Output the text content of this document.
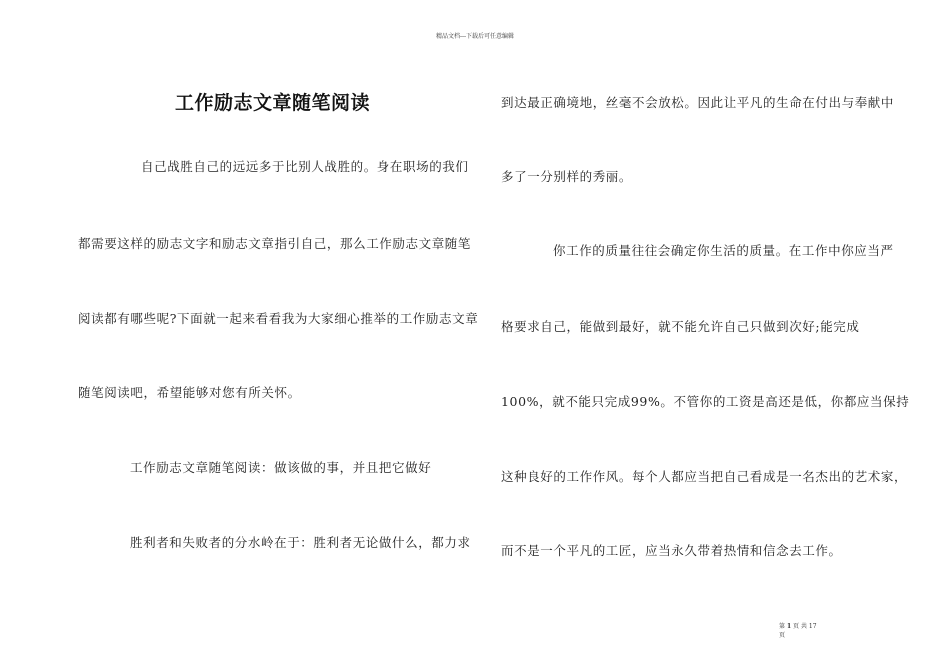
精品文档---下载后可任意编辑
工作励志文章随笔阅读
自己战胜自己的远远多于比别人战胜的。身在职场的我们
都需要这样的励志文字和励志文章指引自己，那么工作励志文章随笔
阅读都有哪些呢?下面就一起来看看我为大家细心推举的工作励志文章
随笔阅读吧，希望能够对您有所关怀。
工作励志文章随笔阅读：做该做的事，并且把它做好
胜利者和失败者的分水岭在于：胜利者无论做什么，都力求
到达最正确境地，丝毫不会放松。因此让平凡的生命在付出与奉献中
多了一分别样的秀丽。
你工作的质量往往会确定你生活的质量。在工作中你应当严
格要求自己，能做到最好，就不能允许自己只做到次好;能完成
100%，就不能只完成99%。不管你的工资是高还是低，你都应当保持
这种良好的工作作风。每个人都应当把自己看成是一名杰出的艺术家，
而不是一个平凡的工匠，应当永久带着热情和信念去工作。
第 1 页 共 17
页
